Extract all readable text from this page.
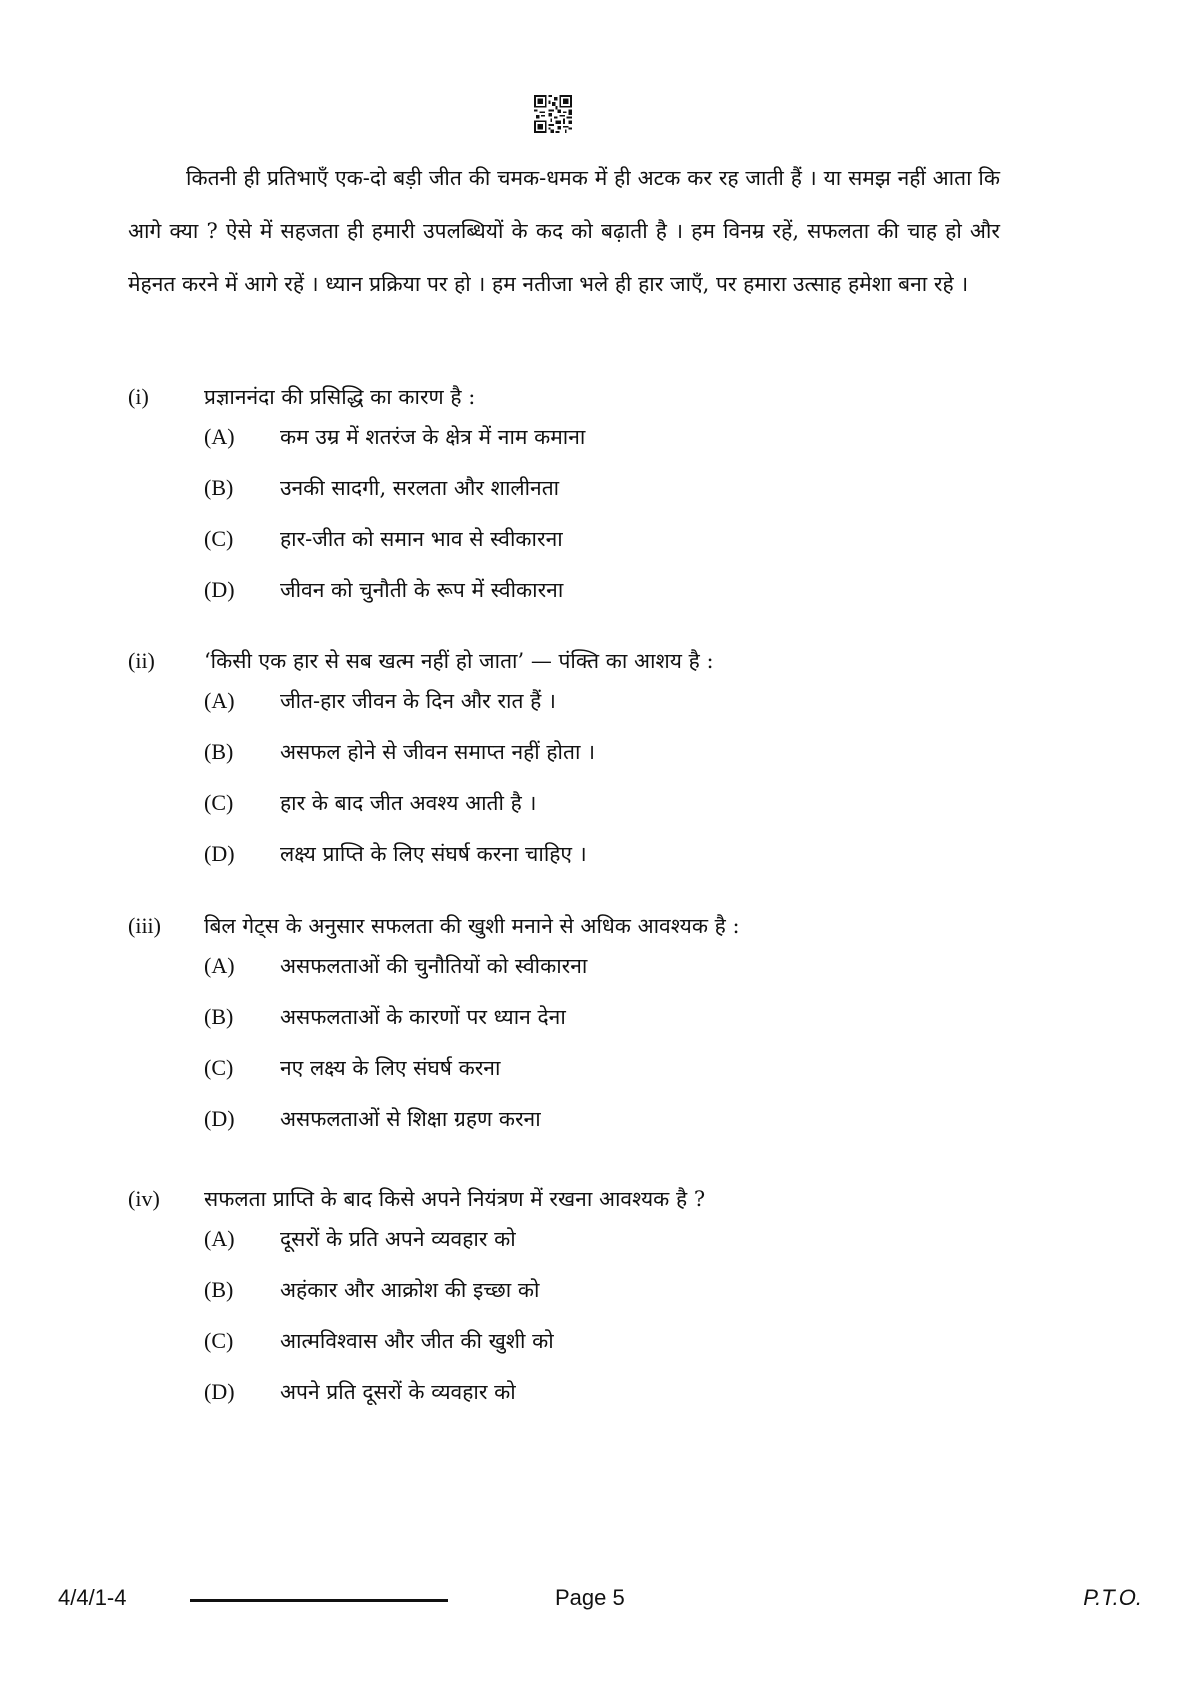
कितनी ही प्रतिभाएँ एक-दो बड़ी जीत की चमक-धमक में ही अटक कर रह जाती हैं । या समझ नहीं आता कि आगे क्या ? ऐसे में सहजता ही हमारी उपलब्धियों के कद को बढ़ाती है । हम विनम्र रहें, सफलता की चाह हो और मेहनत करने में आगे रहें । ध्यान प्रक्रिया पर हो । हम नतीजा भले ही हार जाएँ, पर हमारा उत्साह हमेशा बना रहे ।

(i)	प्रज्ञाननंदा की प्रसिद्धि का कारण है :
(A)	कम उम्र में शतरंज के क्षेत्र में नाम कमाना
(B)	उनकी सादगी, सरलता और शालीनता
(C)	हार-जीत को समान भाव से स्वीकारना
(D)	जीवन को चुनौती के रूप में स्वीकारना
(ii)	‘किसी एक हार से सब खत्म नहीं हो जाता’ — पंक्ति का आशय है :
(A)	जीत-हार जीवन के दिन और रात हैं ।
(B)	असफल होने से जीवन समाप्त नहीं होता ।
(C)	हार के बाद जीत अवश्य आती है ।
(D)	लक्ष्य प्राप्ति के लिए संघर्ष करना चाहिए ।
(iii)	बिल गेट्स के अनुसार सफलता की खुशी मनाने से अधिक आवश्यक है :
(A)	असफलताओं की चुनौतियों को स्वीकारना
(B)	असफलताओं के कारणों पर ध्यान देना
(C)	नए लक्ष्य के लिए संघर्ष करना
(D)	असफलताओं से शिक्षा ग्रहण करना
(iv)	सफलता प्राप्ति के बाद किसे अपने नियंत्रण में रखना आवश्यक है ?
(A)	दूसरों के प्रति अपने व्यवहार को
(B)	अहंकार और आक्रोश की इच्छा को
(C)	आत्मविश्वास और जीत की खुशी को
(D)	अपने प्रति दूसरों के व्यवहार को
4/4/1-4	Page 5	P.T.O.
